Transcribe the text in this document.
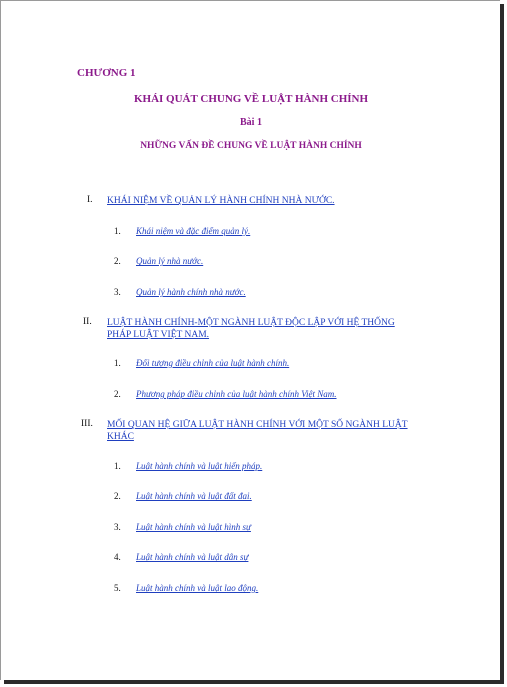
CHƯƠNG 1
KHÁI QUÁT CHUNG VỀ LUẬT HÀNH CHÍNH
Bài 1
NHỮNG VẤN ĐỀ CHUNG VỀ LUẬT HÀNH CHÍNH
I. KHÁI NIỆM VỀ QUẢN LÝ HÀNH CHÍNH NHÀ NƯỚC.
1. Khái niệm và đặc điểm quản lý.
2. Quản lý nhà nước.
3. Quản lý hành chính nhà nước.
II. LUẬT HÀNH CHÍNH-MỘT NGÀNH LUẬT ĐỘC LẬP VỚI HỆ THỐNG
PHÁP LUẬT VIỆT NAM.
1. Đối tượng điều chỉnh của luật hành chính.
2. Phương pháp điều chỉnh của luật hành chính Việt Nam.
III. MỐI QUAN HỆ GIỮA LUẬT HÀNH CHÍNH VỚI MỘT SỐ NGÀNH LUẬT
KHÁC
1. Luật hành chính và luật hiến pháp.
2. Luật hành chính và luật đất đai.
3. Luật hành chính và luật hình sự
4. Luật hành chính và luật dân sự
5. Luật hành chính và luật lao động.
